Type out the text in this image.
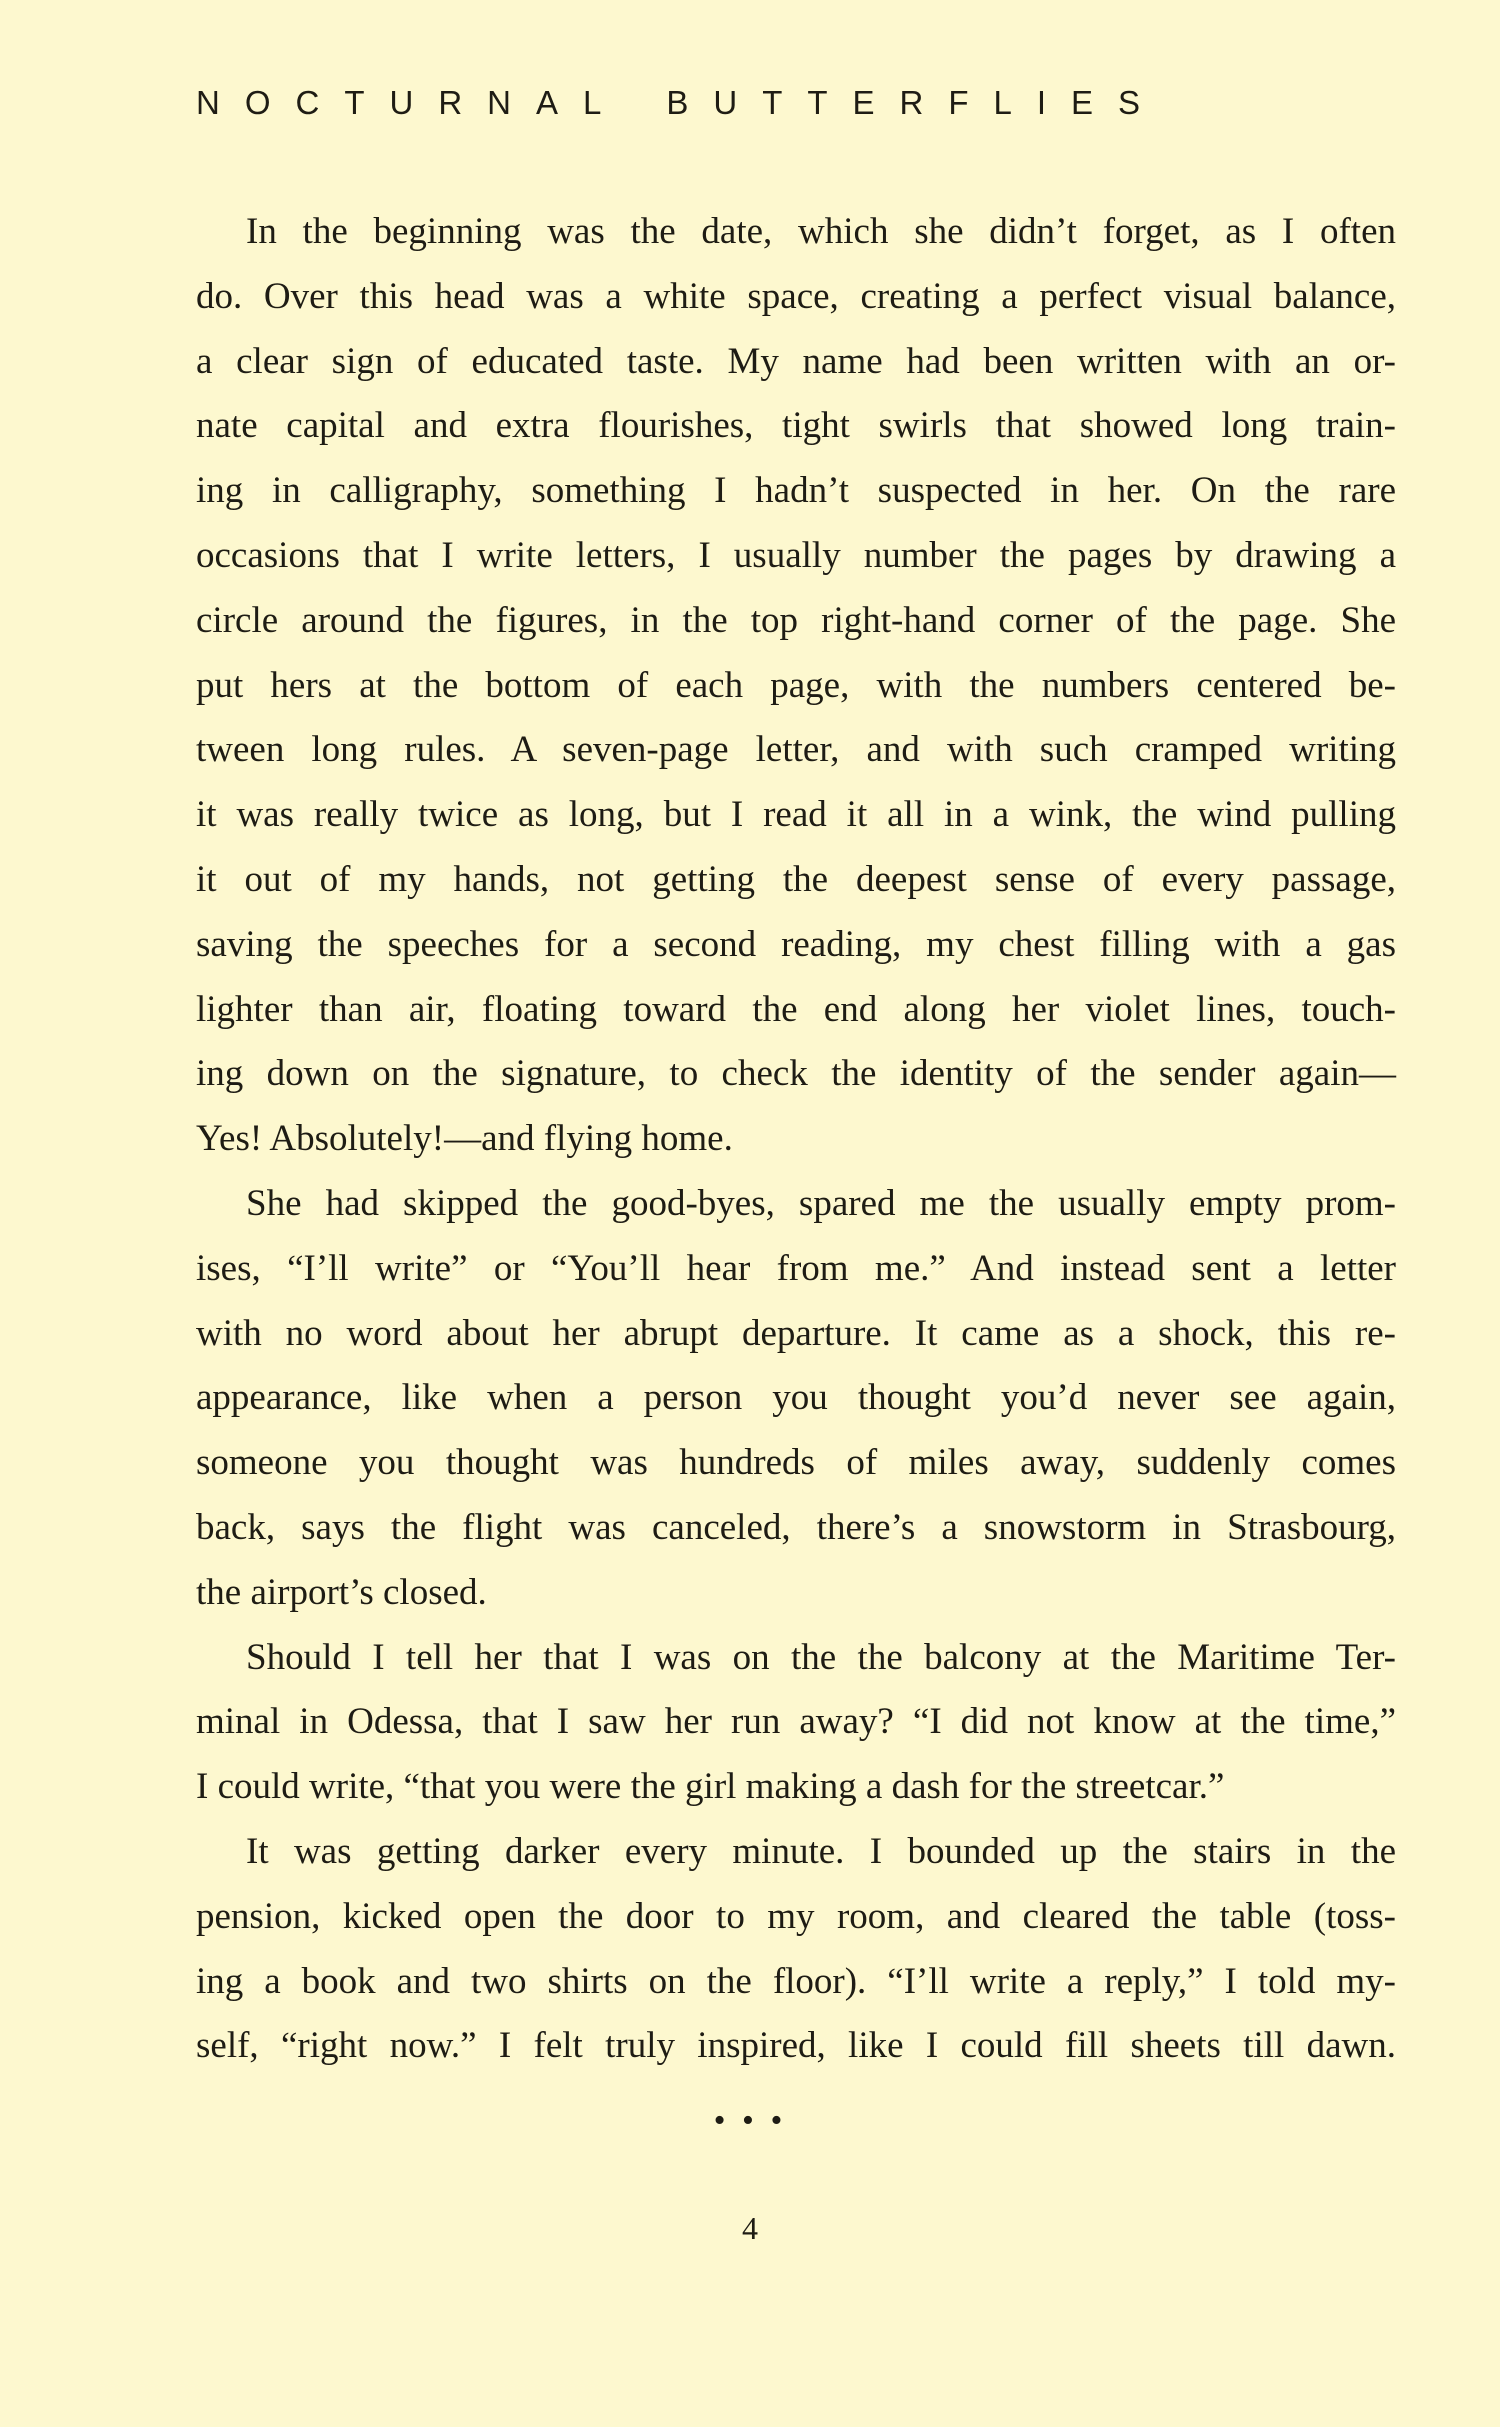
NOCTURNAL BUTTERFLIES
In the beginning was the date, which she didn’t forget, as I often
do. Over this head was a white space, creating a perfect visual balance,
a clear sign of educated taste. My name had been written with an or-
nate capital and extra flourishes, tight swirls that showed long train-
ing in calligraphy, something I hadn’t suspected in her. On the rare
occasions that I write letters, I usually number the pages by drawing a
circle around the figures, in the top right-hand corner of the page. She
put hers at the bottom of each page, with the numbers centered be-
tween long rules. A seven-page letter, and with such cramped writing
it was really twice as long, but I read it all in a wink, the wind pulling
it out of my hands, not getting the deepest sense of every passage,
saving the speeches for a second reading, my chest filling with a gas
lighter than air, floating toward the end along her violet lines, touch-
ing down on the signature, to check the identity of the sender again—
Yes! Absolutely!—and flying home.
She had skipped the good-byes, spared me the usually empty prom-
ises, “I’ll write” or “You’ll hear from me.” And instead sent a letter
with no word about her abrupt departure. It came as a shock, this re-
appearance, like when a person you thought you’d never see again,
someone you thought was hundreds of miles away, suddenly comes
back, says the flight was canceled, there’s a snowstorm in Strasbourg,
the airport’s closed.
Should I tell her that I was on the the balcony at the Maritime Ter-
minal in Odessa, that I saw her run away? “I did not know at the time,”
I could write, “that you were the girl making a dash for the streetcar.”
It was getting darker every minute. I bounded up the stairs in the
pension, kicked open the door to my room, and cleared the table (toss-
ing a book and two shirts on the floor). “I’ll write a reply,” I told my-
self, “right now.” I felt truly inspired, like I could fill sheets till dawn.
• • •
4
